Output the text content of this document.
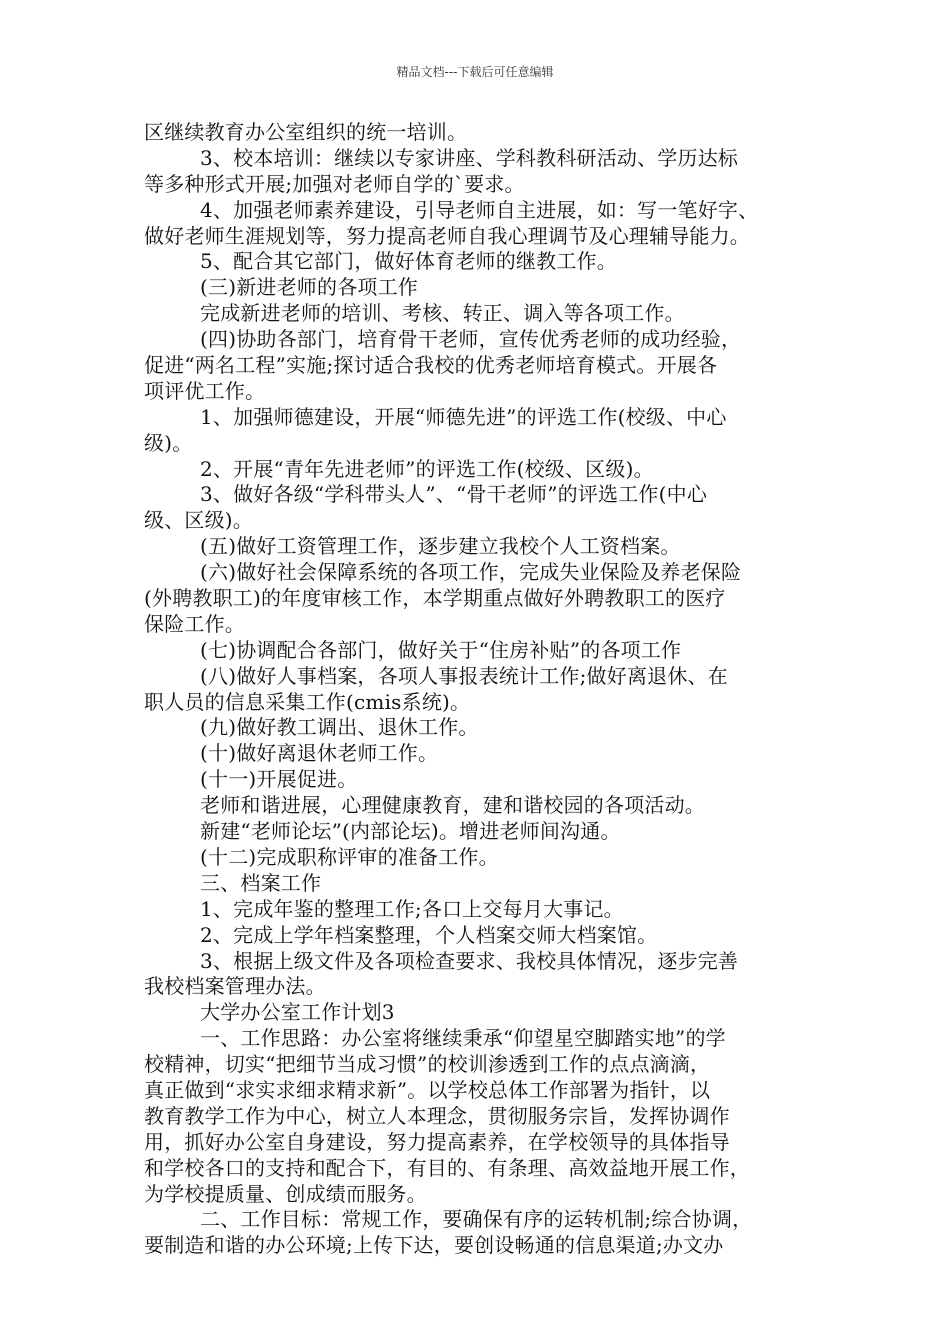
精品文档---下载后可任意编辑
区继续教育办公室组织的统一培训。
3、校本培训：继续以专家讲座、学科教科研活动、学历达标
等多种形式开展;加强对老师自学的`要求。
4、加强老师素养建设，引导老师自主进展，如：写一笔好字、
做好老师生涯规划等，努力提高老师自我心理调节及心理辅导能力。
5、配合其它部门，做好体育老师的继教工作。
(三)新进老师的各项工作
完成新进老师的培训、考核、转正、调入等各项工作。
(四)协助各部门，培育骨干老师，宣传优秀老师的成功经验，
促进“两名工程”实施;探讨适合我校的优秀老师培育模式。开展各
项评优工作。
1、加强师德建设，开展“师德先进”的评选工作(校级、中心
级)。
2、开展“青年先进老师”的评选工作(校级、区级)。
3、做好各级“学科带头人”、“骨干老师”的评选工作(中心
级、区级)。
(五)做好工资管理工作，逐步建立我校个人工资档案。
(六)做好社会保障系统的各项工作，完成失业保险及养老保险
(外聘教职工)的年度审核工作，本学期重点做好外聘教职工的医疗
保险工作。
(七)协调配合各部门，做好关于“住房补贴”的各项工作
(八)做好人事档案，各项人事报表统计工作;做好离退休、在
职人员的信息采集工作(cmis系统)。
(九)做好教工调出、退休工作。
(十)做好离退休老师工作。
(十一)开展促进。
老师和谐进展，心理健康教育，建和谐校园的各项活动。
新建“老师论坛”(内部论坛)。增进老师间沟通。
(十二)完成职称评审的准备工作。
三、档案工作
1、完成年鉴的整理工作;各口上交每月大事记。
2、完成上学年档案整理，个人档案交师大档案馆。
3、根据上级文件及各项检查要求、我校具体情况，逐步完善
我校档案管理办法。
大学办公室工作计划3
一、工作思路：办公室将继续秉承“仰望星空脚踏实地”的学
校精神，切实“把细节当成习惯”的校训渗透到工作的点点滴滴，
真正做到“求实求细求精求新”。以学校总体工作部署为指针，以
教育教学工作为中心，树立人本理念，贯彻服务宗旨，发挥协调作
用，抓好办公室自身建设，努力提高素养，在学校领导的具体指导
和学校各口的支持和配合下，有目的、有条理、高效益地开展工作，
为学校提质量、创成绩而服务。
二、工作目标：常规工作，要确保有序的运转机制;综合协调，
要制造和谐的办公环境;上传下达，要创设畅通的信息渠道;办文办
